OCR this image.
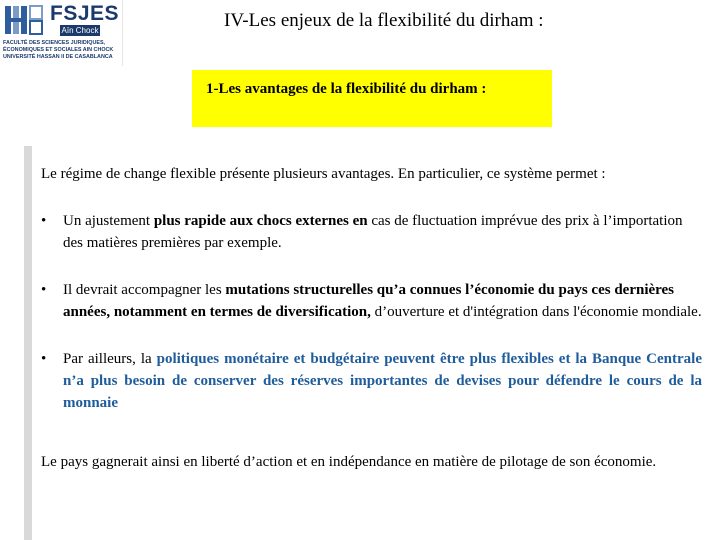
FSJES
Aïn Chock
FACULTÉ DES SCIENCES JURIDIQUES,
ÉCONOMIQUES ET SOCIALES AIN CHOCK
UNIVERSITÉ HASSAN II DE CASABLANCA
IV-Les enjeux de la flexibilité du dirham :
1-Les avantages de la flexibilité du dirham :

Le régime de change flexible présente plusieurs avantages. En particulier, ce système permet :

• Un ajustement plus rapide aux chocs externes en cas de fluctuation imprévue des prix à l’importation des matières premières par exemple.
• Il devrait accompagner les mutations structurelles qu’a connues l’économie du pays ces dernières années, notamment en termes de diversification, d’ouverture et d'intégration dans l'économie mondiale.
• Par ailleurs, la politiques monétaire et budgétaire peuvent être plus flexibles et la Banque Centrale n’a plus besoin de conserver des réserves importantes de devises pour défendre le cours de la monnaie

Le pays gagnerait ainsi en liberté d’action et en indépendance en matière de pilotage de son économie.
